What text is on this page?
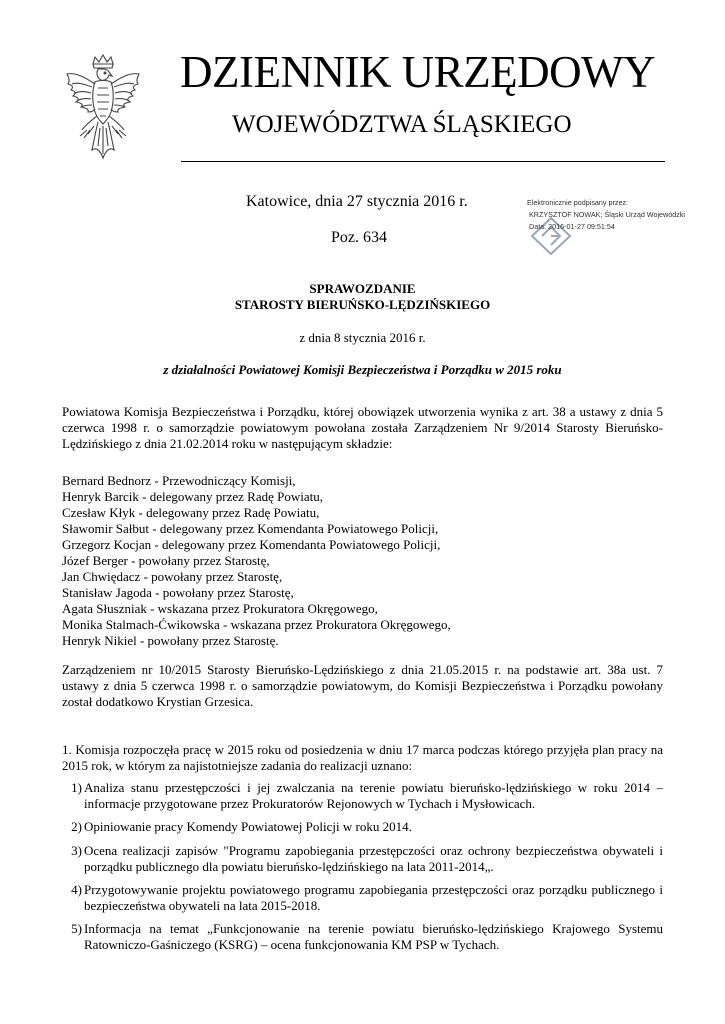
DZIENNIK URZĘDOWY
WOJEWÓDZTWA ŚLĄSKIEGO
Katowice, dnia 27 stycznia 2016 r.
Poz. 634
Elektronicznie podpisany przez:
KRZYSZTOF NOWAK; Śląski Urząd Wojewódzki
Data: 2016-01-27 09:51:54
SPRAWOZDANIE
STAROSTY BIERUŃSKO-LĘDZIŃSKIEGO
z dnia 8 stycznia 2016 r.
z działalności Powiatowej Komisji Bezpieczeństwa i Porządku w 2015 roku
Powiatowa Komisja Bezpieczeństwa i Porządku, której obowiązek utworzenia wynika z art. 38 a ustawy z dnia 5 czerwca 1998 r. o samorządzie powiatowym powołana została Zarządzeniem Nr 9/2014 Starosty Bieruńsko-Lędzińskiego z dnia 21.02.2014 roku w następującym składzie:
Bernard Bednorz - Przewodniczący Komisji,
Henryk Barcik - delegowany przez Radę Powiatu,
Czesław Kłyk - delegowany przez Radę Powiatu,
Sławomir Sałbut - delegowany przez Komendanta Powiatowego Policji,
Grzegorz Kocjan - delegowany przez Komendanta Powiatowego Policji,
Józef Berger - powołany przez Starostę,
Jan Chwiędacz - powołany przez Starostę,
Stanisław Jagoda - powołany przez Starostę,
Agata Słuszniak - wskazana przez Prokuratora Okręgowego,
Monika Stalmach-Ćwikowska - wskazana przez Prokuratora Okręgowego,
Henryk Nikiel - powołany przez Starostę.
Zarządzeniem nr 10/2015 Starosty Bieruńsko-Lędzińskiego z dnia 21.05.2015 r. na podstawie art. 38a ust. 7 ustawy z dnia 5 czerwca 1998 r. o samorządzie powiatowym, do Komisji Bezpieczeństwa i Porządku powołany został dodatkowo Krystian Grzesica.
1. Komisja rozpoczęła pracę w 2015 roku od posiedzenia w dniu 17 marca podczas którego przyjęła plan pracy na 2015 rok, w którym za najistotniejsze zadania do realizacji uznano:
1) Analiza stanu przestępczości i jej zwalczania na terenie powiatu bieruńsko-lędzińskiego w roku 2014 – informacje przygotowane przez Prokuratorów Rejonowych w Tychach i Mysłowicach.
2) Opiniowanie pracy Komendy Powiatowej Policji w roku 2014.
3) Ocena realizacji zapisów "Programu zapobiegania przestępczości oraz ochrony bezpieczeństwa obywateli i porządku publicznego dla powiatu bieruńsko-lędzińskiego na lata 2011-2014„.
4) Przygotowywanie projektu powiatowego programu zapobiegania przestępczości oraz porządku publicznego i bezpieczeństwa obywateli na lata 2015-2018.
5) Informacja na temat „Funkcjonowanie na terenie powiatu bieruńsko-lędzińskiego Krajowego Systemu Ratowniczo-Gaśniczego (KSRG) – ocena funkcjonowania KM PSP w Tychach.
